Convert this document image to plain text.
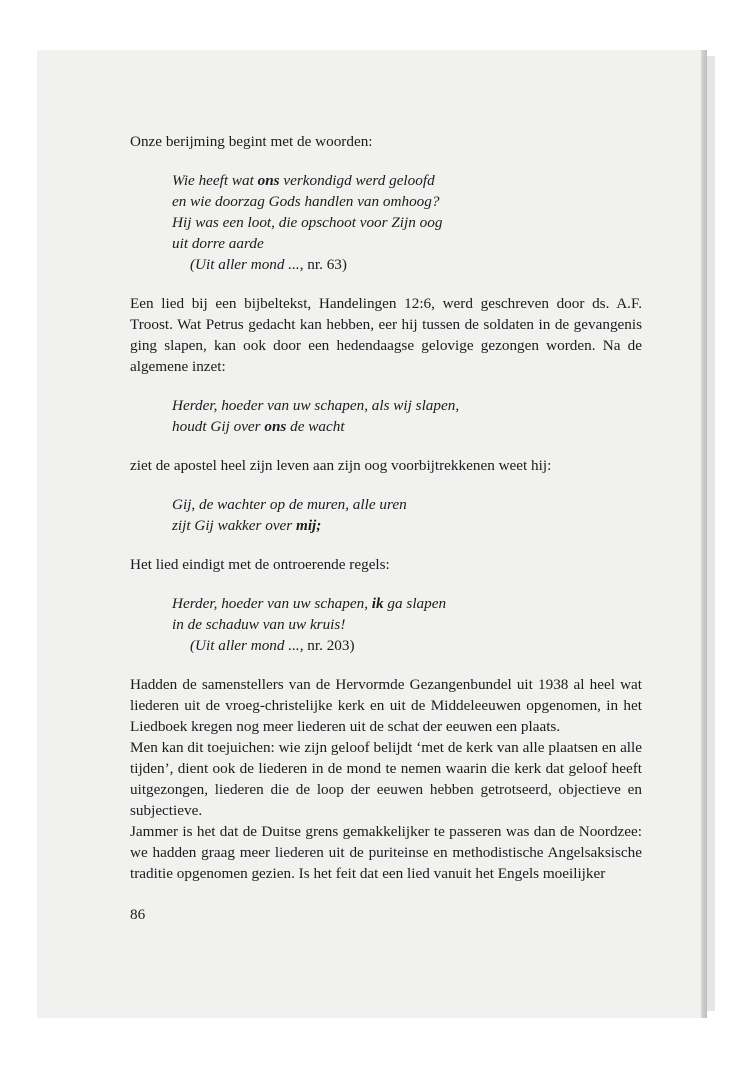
Onze berijming begint met de woorden:

Wie heeft wat ons verkondigd werd geloofd

en wie doorzag Gods handlen van omhoog?

Hij was een loot, die opschoot voor Zijn oog

uit dorre aarde

(Uit aller mond ..., nr. 63)

Een lied bij een bijbeltekst, Handelingen 12:6, werd geschreven door ds. A.F. Troost. Wat Petrus gedacht kan hebben, eer hij tussen de soldaten in de gevangenis ging slapen, kan ook door een hedendaagse gelovige gezongen worden. Na de algemene inzet:

Herder, hoeder van uw schapen, als wij slapen,

houdt Gij over ons de wacht

ziet de apostel heel zijn leven aan zijn oog voorbijtrekkenen weet hij:

Gij, de wachter op de muren, alle uren

zijt Gij wakker over mij;

Het lied eindigt met de ontroerende regels:

Herder, hoeder van uw schapen, ik ga slapen

in de schaduw van uw kruis!

(Uit aller mond ..., nr. 203)

Hadden de samenstellers van de Hervormde Gezangenbundel uit 1938 al heel wat liederen uit de vroeg-christelijke kerk en uit de Middeleeuwen opgenomen, in het Liedboek kregen nog meer liederen uit de schat der eeuwen een plaats.

Men kan dit toejuichen: wie zijn geloof belijdt ‘met de kerk van alle plaatsen en alle tijden’, dient ook de liederen in de mond te nemen waarin die kerk dat geloof heeft uitgezongen, liederen die de loop der eeuwen hebben getrotseerd, objectieve en subjectieve.

Jammer is het dat de Duitse grens gemakkelijker te passeren was dan de Noordzee: we hadden graag meer liederen uit de puriteinse en methodistische Angelsaksische traditie opgenomen gezien. Is het feit dat een lied vanuit het Engels moeilijker

86
